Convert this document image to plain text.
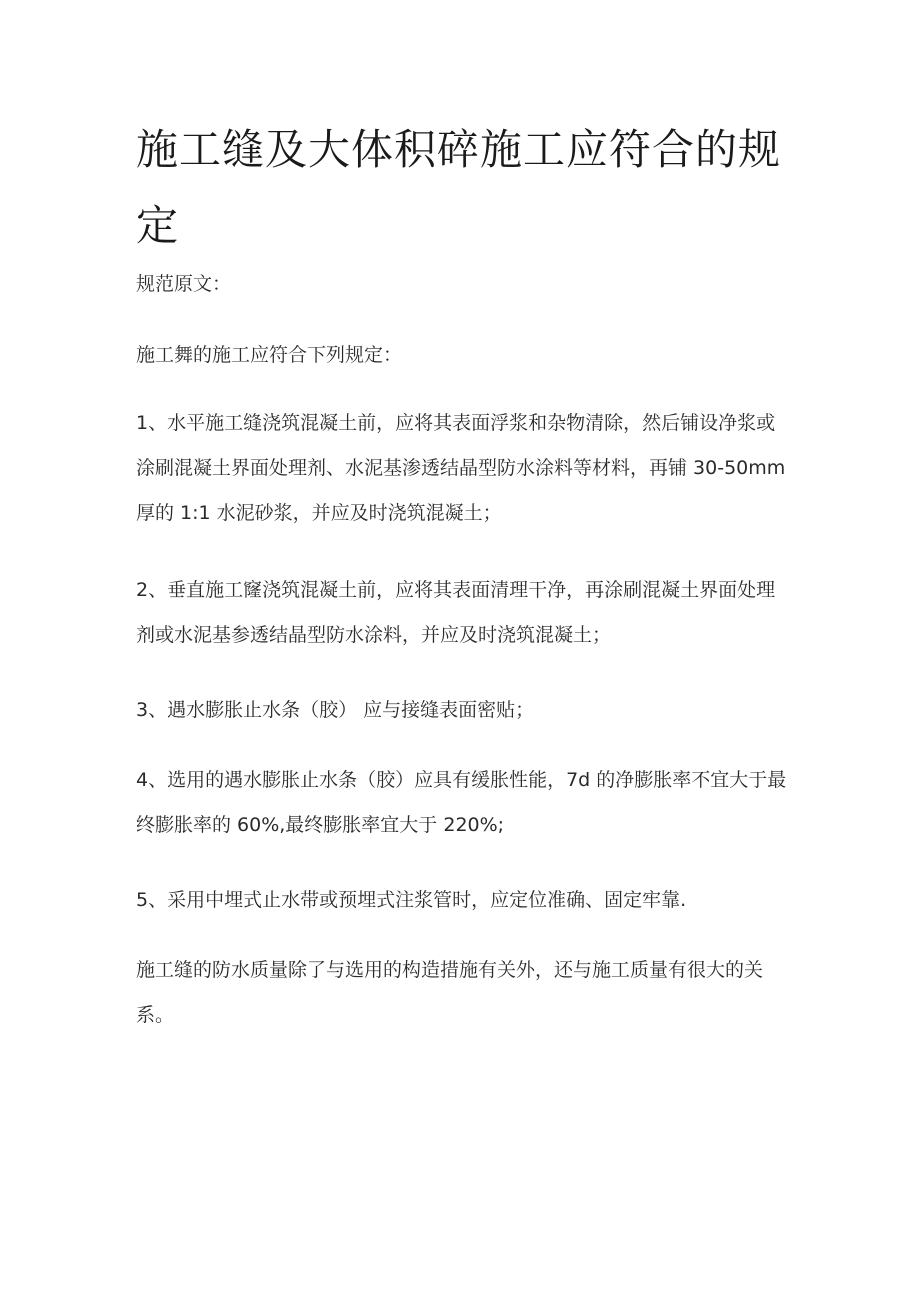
施工缝及大体积碎施工应符合的规定

规范原文：

施工舞的施工应符合下列规定：

1、水平施工缝浇筑混凝土前，应将其表面浮浆和杂物清除，然后铺设净浆或涂刷混凝土界面处理剂、水泥基渗透结晶型防水涂料等材料，再铺 30-50mm 厚的 1:1 水泥砂浆，并应及时浇筑混凝土；

2、垂直施工窿浇筑混凝土前，应将其表面清理干净，再涂刷混凝土界面处理剂或水泥基参透结晶型防水涂料，并应及时浇筑混凝土；

3、遇水膨胀止水条（胶） 应与接缝表面密贴；

4、选用的遇水膨胀止水条（胶）应具有缓胀性能，7d 的净膨胀率不宜大于最终膨胀率的 60%,最终膨胀率宜大于 220%;

5、采用中埋式止水带或预埋式注浆管时，应定位准确、固定牢靠.

施工缝的防水质量除了与选用的构造措施有关外，还与施工质量有很大的关系。
